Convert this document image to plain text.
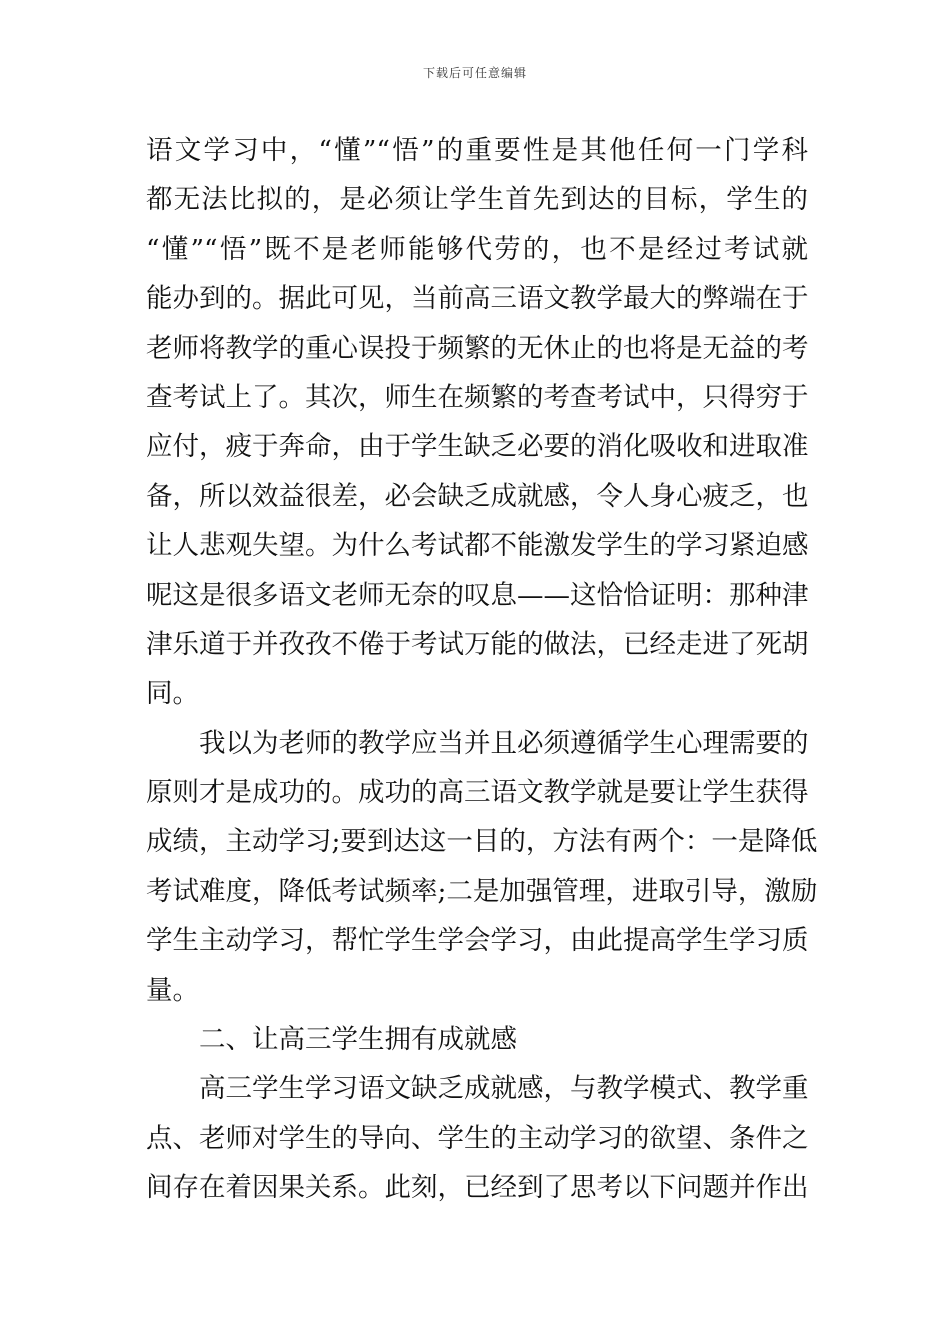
下载后可任意编辑
语文学习中，“懂”“悟”的重要性是其他任何一门学科
都无法比拟的，是必须让学生首先到达的目标，学生的
“懂”“悟”既不是老师能够代劳的，也不是经过考试就
能办到的。据此可见，当前高三语文教学最大的弊端在于
老师将教学的重心误投于频繁的无休止的也将是无益的考
查考试上了。其次，师生在频繁的考查考试中，只得穷于
应付，疲于奔命，由于学生缺乏必要的消化吸收和进取准
备，所以效益很差，必会缺乏成就感，令人身心疲乏，也
让人悲观失望。为什么考试都不能激发学生的学习紧迫感
呢这是很多语文老师无奈的叹息——这恰恰证明：那种津
津乐道于并孜孜不倦于考试万能的做法，已经走进了死胡
同。
我以为老师的教学应当并且必须遵循学生心理需要的
原则才是成功的。成功的高三语文教学就是要让学生获得
成绩，主动学习;要到达这一目的，方法有两个：一是降低
考试难度，降低考试频率;二是加强管理，进取引导，激励
学生主动学习，帮忙学生学会学习，由此提高学生学习质
量。
二、让高三学生拥有成就感
高三学生学习语文缺乏成就感，与教学模式、教学重
点、老师对学生的导向、学生的主动学习的欲望、条件之
间存在着因果关系。此刻，已经到了思考以下问题并作出
